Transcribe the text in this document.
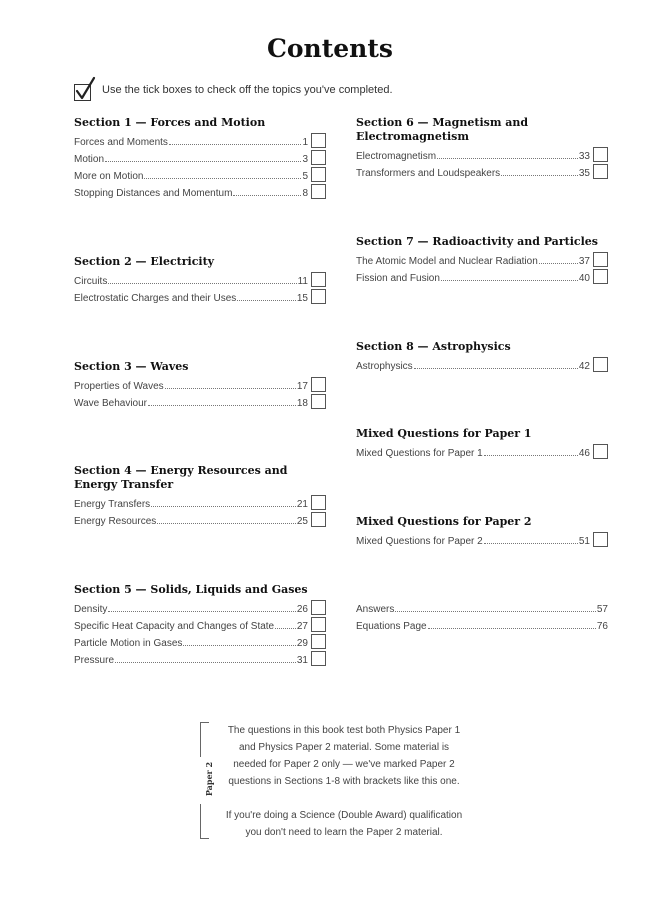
Contents
Use the tick boxes to check off the topics you've completed.
Section 1 — Forces and Motion
Forces and Moments	1
Motion	3
More on Motion	5
Stopping Distances and Momentum	8
Section 2 — Electricity
Circuits	11
Electrostatic Charges and their Uses	15
Section 3 — Waves
Properties of Waves	17
Wave Behaviour	18
Section 4 — Energy Resources and
Energy Transfer
Energy Transfers	21
Energy Resources	25
Section 5 — Solids, Liquids and Gases
Density	26
Specific Heat Capacity and Changes of State 27
Particle Motion in Gases	29
Pressure	31
Section 6 — Magnetism and
Electromagnetism
Electromagnetism	33
Transformers and Loudspeakers	35
Section 7 — Radioactivity and Particles
The Atomic Model and Nuclear Radiation	37
Fission and Fusion	40
Section 8 — Astrophysics
Astrophysics	42
Mixed Questions for Paper 1
Mixed Questions for Paper 1	46
Mixed Questions for Paper 2
Mixed Questions for Paper 2	51
Answers	57
Equations Page	76
Paper 2
The questions in this book test both Physics Paper 1
and Physics Paper 2 material. Some material is
needed for Paper 2 only — we've marked Paper 2
questions in Sections 1-8 with brackets like this one.
If you're doing a Science (Double Award) qualification
you don't need to learn the Paper 2 material.
